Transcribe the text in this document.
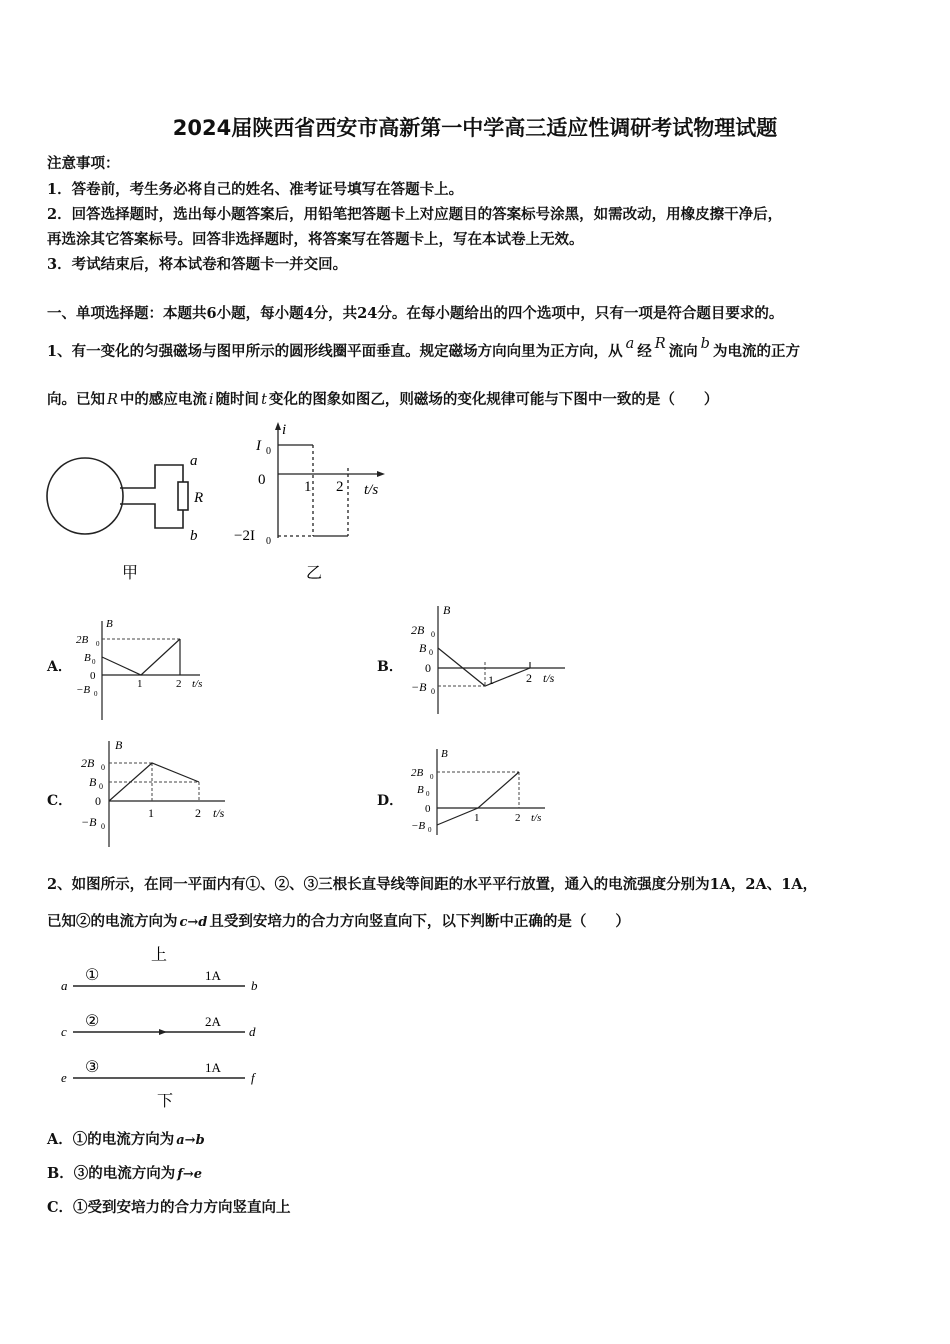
2024届陕西省西安市高新第一中学高三适应性调研考试物理试题
注意事项：
1．答卷前，考生务必将自己的姓名、准考证号填写在答题卡上。
2．回答选择题时，选出每小题答案后，用铅笔把答题卡上对应题目的答案标号涂黑，如需改动，用橡皮擦干净后，
再选涂其它答案标号。回答非选择题时，将答案写在答题卡上，写在本试卷上无效。
3．考试结束后，将本试卷和答题卡一并交回。
一、单项选择题：本题共6小题，每小题4分，共24分。在每小题给出的四个选项中，只有一项是符合题目要求的。
1、有一变化的匀强磁场与图甲所示的圆形线圈平面垂直。规定磁场方向向里为正方向，从 a 经 R 流向 b 为电流的正方
向。已知 R 中的感应电流 i 随时间 t 变化的图象如图乙，则磁场的变化规律可能与下图中一致的是（　　）
a
R
b
甲
i
I 0
0
−2I 0
1 2 t/s
乙
A．
B
2B 0
B 0
0
−B 0
1	2 t/s
B．
B
2B 0
B 0
0
−B 0
1	2 t/s
C．
B
2B 0
B 0
0
−B 0
1	2 t/s
D．
B
2B 0
B 0
0
−B 0
1	2 t/s
2、如图所示，在同一平面内有①、②、③三根长直导线等间距的水平平行放置，通入的电流强度分别为1A，2A、1A，
已知②的电流方向为 c→d 且受到安培力的合力方向竖直向下，以下判断中正确的是（　　）
上
①
②
③
1A
2A
1A
a	b
c	d
e	f
下
A．①的电流方向为 a→b
B．③的电流方向为 f→e
C．①受到安培力的合力方向竖直向上
